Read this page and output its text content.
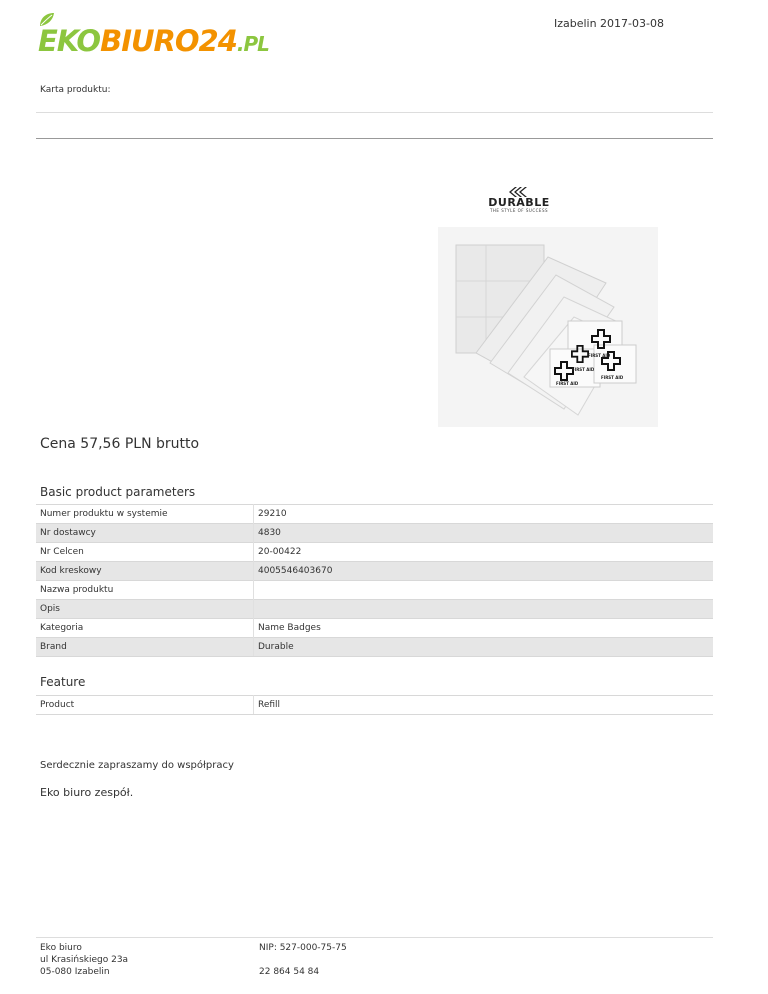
EKOBIURO24.PL
Izabelin 2017-03-08
Karta produktu:
DURABLE
THE STYLE OF SUCCESS
FIRST AID
FIRST AID
FIRST AID
FIRST AID
Cena 57,56 PLN brutto
Basic product parameters
Numer produktu w systemie	29210
Nr dostawcy	4830
Nr Celcen	20-00422
Kod kreskowy	4005546403670
Nazwa produktu	
Opis	
Kategoria	Name Badges
Brand	Durable
Feature
Product	Refill
Serdecznie zapraszamy do współpracy
Eko biuro zespół.
Eko biuro
ul Krasińskiego 23a
05-080 Izabelin
NIP: 527-000-75-75
22 864 54 84
